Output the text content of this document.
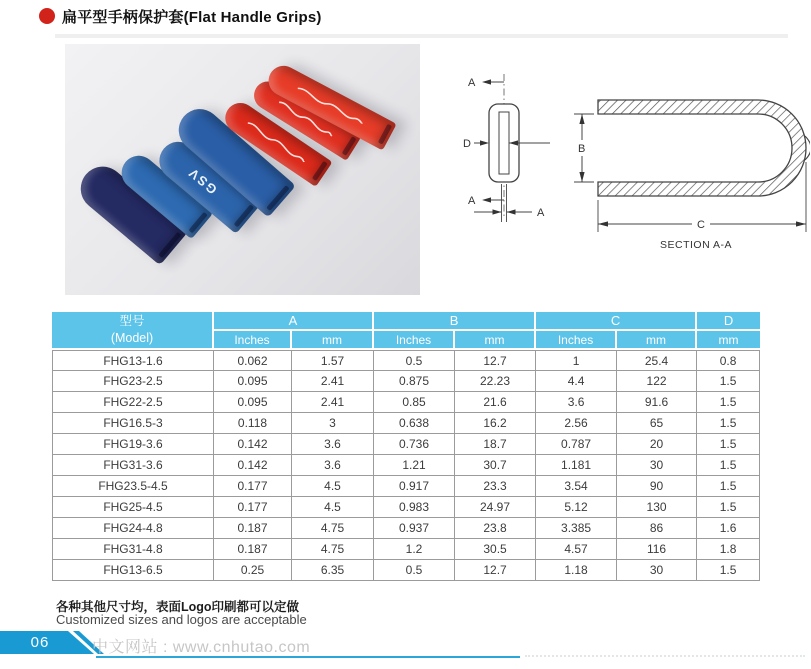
扁平型手柄保护套(Flat Handle Grips)
GSV
A
A
D
A
B
C
SECTION A-A
型号
(Model)	A		B		C		D
	Inches	mm	Inches	mm	Inches	mm	mm
FHG13-1.6	0.062	1.57	0.5	12.7	1	25.4	0.8
FHG23-2.5	0.095	2.41	0.875	22.23	4.4	122	1.5
FHG22-2.5	0.095	2.41	0.85	21.6	3.6	91.6	1.5
FHG16.5-3	0.118	3	0.638	16.2	2.56	65	1.5
FHG19-3.6	0.142	3.6	0.736	18.7	0.787	20	1.5
FHG31-3.6	0.142	3.6	1.21	30.7	1.181	30	1.5
FHG23.5-4.5	0.177	4.5	0.917	23.3	3.54	90	1.5
FHG25-4.5	0.177	4.5	0.983	24.97	5.12	130	1.5
FHG24-4.8	0.187	4.75	0.937	23.8	3.385	86	1.6
FHG31-4.8	0.187	4.75	1.2	30.5	4.57	116	1.8
FHG13-6.5	0.25	6.35	0.5	12.7	1.18	30	1.5
各种其他尺寸均，表面Logo印刷都可以定做
Customized sizes and logos are acceptable
06	中文网站 : www.cnhutao.com
